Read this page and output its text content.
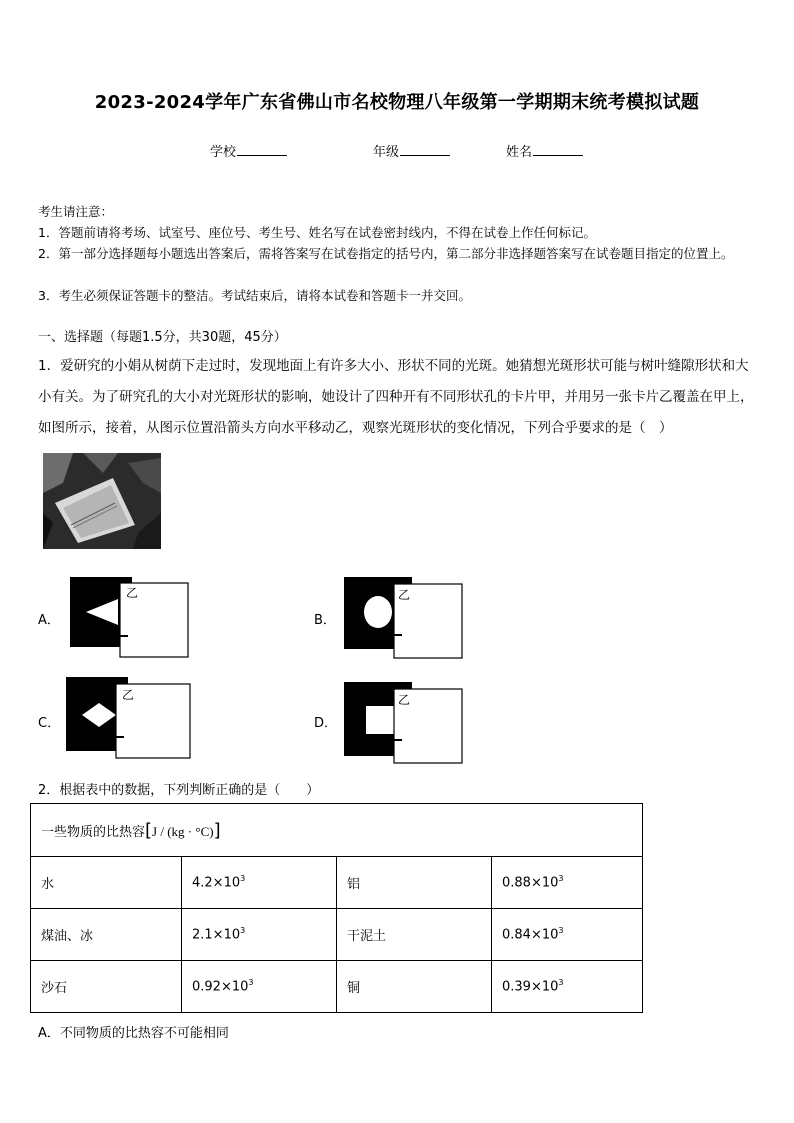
2023-2024学年广东省佛山市名校物理八年级第一学期期末统考模拟试题
学校	年级	姓名
考生请注意：
1．答题前请将考场、试室号、座位号、考生号、姓名写在试卷密封线内，不得在试卷上作任何标记。
2．第一部分选择题每小题选出答案后，需将答案写在试卷指定的括号内，第二部分非选择题答案写在试卷题目指定的位置上。
3．考生必须保证答题卡的整洁。考试结束后，请将本试卷和答题卡一并交回。
一、选择题（每题1.5分，共30题，45分）
1．爱研究的小娟从树荫下走过时，发现地面上有许多大小、形状不同的光斑。她猜想光斑形状可能与树叶缝隙形状和大小有关。为了研究孔的大小对光斑形状的影响，她设计了四种开有不同形状孔的卡片甲，并用另一张卡片乙覆盖在甲上，如图所示，接着，从图示位置沿箭头方向水平移动乙，观察光斑形状的变化情况，下列合乎要求的是（　）
A．
乙
B．
乙
C．
乙
D．
乙
2．根据表中的数据，下列判断正确的是（　　）
一些物质的比热容[J / (kg · °C)]			
水	$4.2\times 10^3$	铝	$0.88\times 10^3$
煤油、冰	$2.1\times 10^3$	干泥土	$0.84\times 10^3$
沙石	$0.92\times 10^3$	铜	$0.39\times 10^3$
A．不同物质的比热容不可能相同
